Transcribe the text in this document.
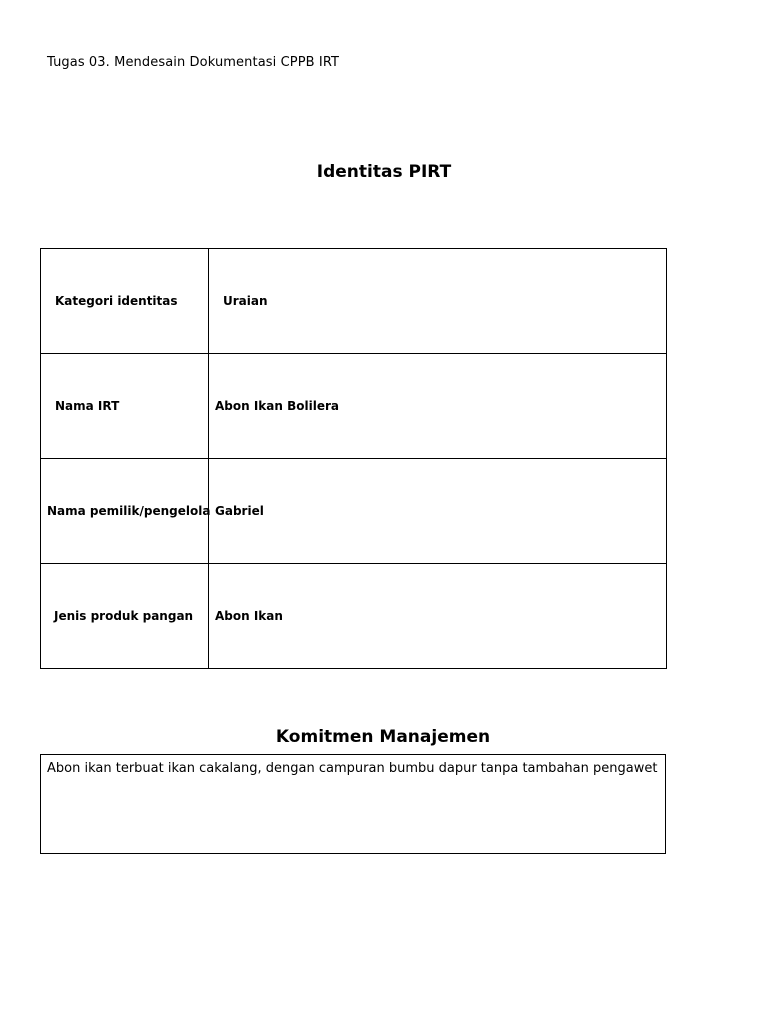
Tugas 03. Mendesain Dokumentasi CPPB IRT
Identitas PIRT
Kategori identitas	Uraian

Nama IRT	Abon Ikan Bolilera

Nama pemilik/pengelola	Gabriel

Jenis produk pangan	Abon Ikan
Komitmen Manajemen
Abon ikan terbuat ikan cakalang, dengan campuran bumbu dapur tanpa tambahan pengawet
